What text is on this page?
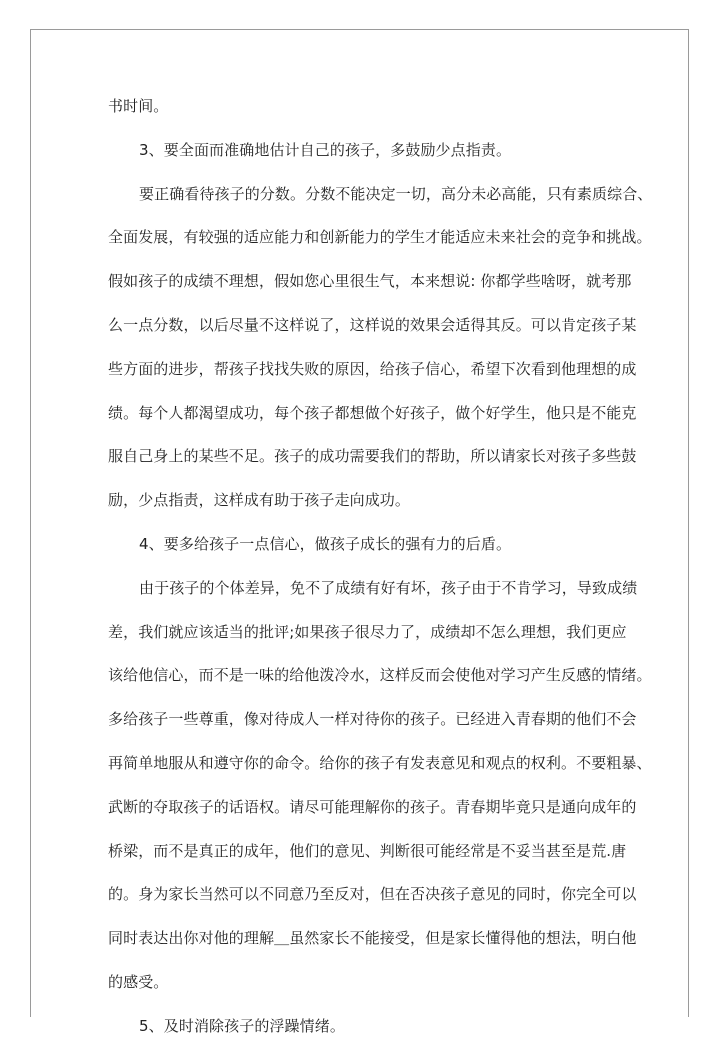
书时间。
3、要全面而准确地估计自己的孩子，多鼓励少点指责。
要正确看待孩子的分数。分数不能决定一切，高分未必高能，只有素质综合、
全面发展，有较强的适应能力和创新能力的学生才能适应未来社会的竞争和挑战。
假如孩子的成绩不理想，假如您心里很生气，本来想说: 你都学些啥呀，就考那
么一点分数，以后尽量不这样说了，这样说的效果会适得其反。可以肯定孩子某
些方面的进步，帮孩子找找失败的原因，给孩子信心，希望下次看到他理想的成
绩。每个人都渴望成功，每个孩子都想做个好孩子，做个好学生，他只是不能克
服自己身上的某些不足。孩子的成功需要我们的帮助，所以请家长对孩子多些鼓
励，少点指责，这样成有助于孩子走向成功。
4、要多给孩子一点信心，做孩子成长的强有力的后盾。
由于孩子的个体差异，免不了成绩有好有坏，孩子由于不肯学习，导致成绩
差，我们就应该适当的批评;如果孩子很尽力了，成绩却不怎么理想，我们更应
该给他信心，而不是一味的给他泼冷水，这样反而会使他对学习产生反感的情绪。
多给孩子一些尊重，像对待成人一样对待你的孩子。已经进入青春期的他们不会
再简单地服从和遵守你的命令。给你的孩子有发表意见和观点的权利。不要粗暴、
武断的夺取孩子的话语权。请尽可能理解你的孩子。青春期毕竟只是通向成年的
桥梁，而不是真正的成年，他们的意见、判断很可能经常是不妥当甚至是荒.唐
的。身为家长当然可以不同意乃至反对，但在否决孩子意见的同时，你完全可以
同时表达出你对他的理解＿虽然家长不能接受，但是家长懂得他的想法，明白他
的感受。
5、及时消除孩子的浮躁情绪。
